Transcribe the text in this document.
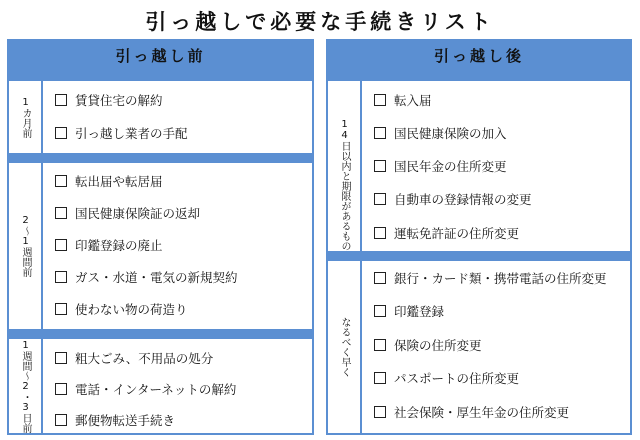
引っ越しで必要な手続きリスト
引っ越し前
1カ月前	賃貸住宅の解約
引っ越し業者の手配
2〜1週間前
転出届や転居届
国民健康保険証の返却
印鑑登録の廃止
ガス・水道・電気の新規契約
使わない物の荷造り
1週間〜2・3日前	粗大ごみ、不用品の処分
電話・インターネットの解約
郵便物転送手続き
引っ越し後
14日以内と期限があるもの
転入届
国民健康保険の加入
国民年金の住所変更
自動車の登録情報の変更
運転免許証の住所変更
なるべく早く
銀行・カード類・携帯電話の住所変更
印鑑登録
保険の住所変更
パスポートの住所変更
社会保険・厚生年金の住所変更
